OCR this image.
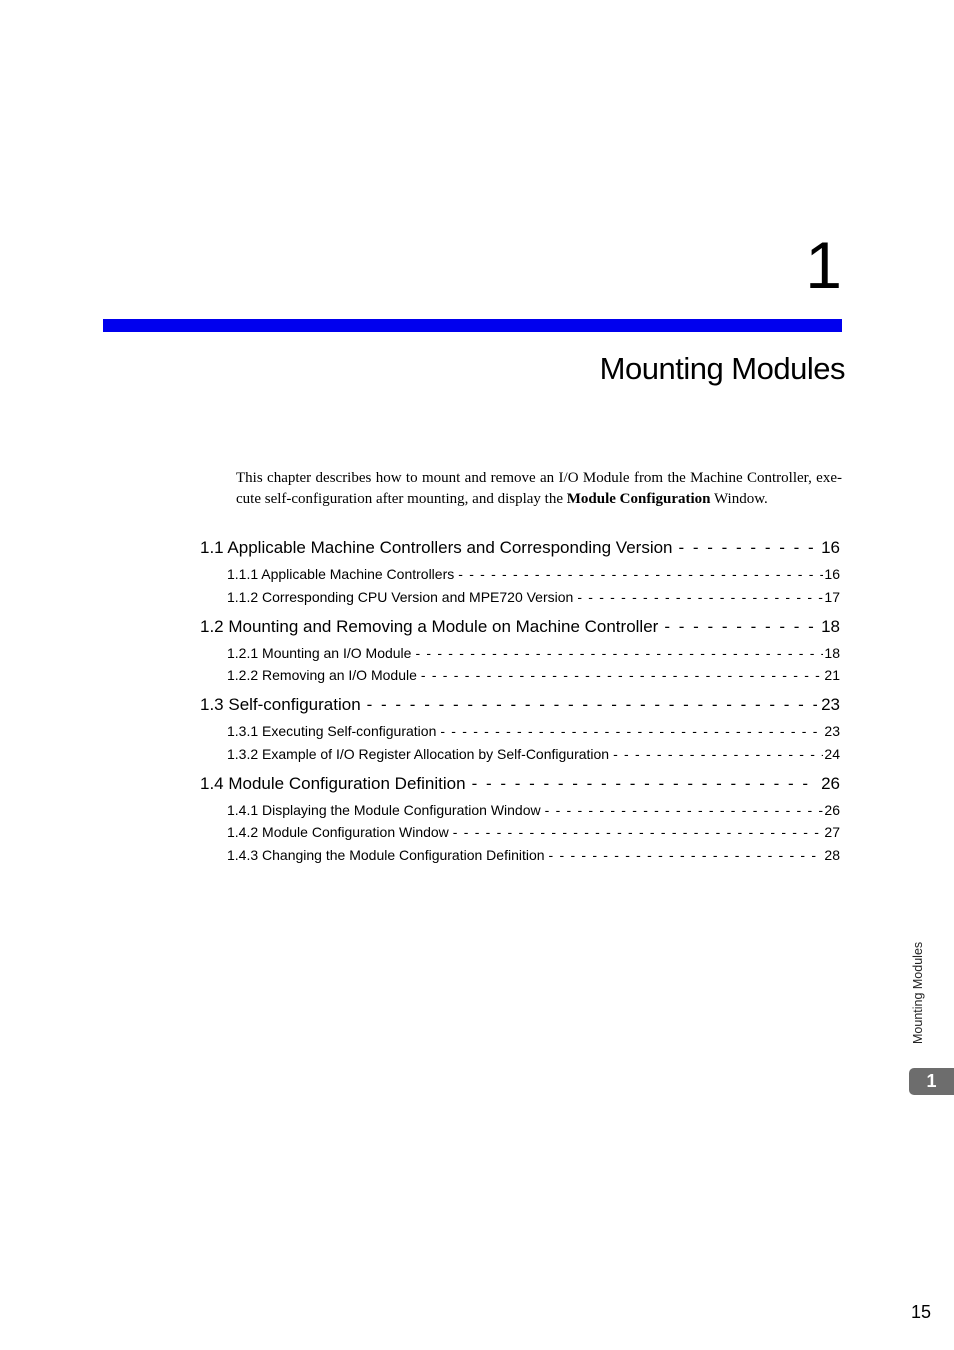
1
Mounting Modules

This chapter describes how to mount and remove an I/O Module from the Machine Controller, exe-cute self-configuration after mounting, and display the Module Configuration Window.

1.1 Applicable Machine Controllers and Corresponding Version - - -	16
1.1.1 Applicable Machine Controllers - - -	16
1.1.2 Corresponding CPU Version and MPE720 Version - - -	17
1.2 Mounting and Removing a Module on Machine Controller - - -	18
1.2.1 Mounting an I/O Module - - -	18
1.2.2 Removing an I/O Module - - -	21
1.3 Self-configuration - - -	23
1.3.1 Executing Self-configuration - - -	23
1.3.2 Example of I/O Register Allocation by Self-Configuration - - -	24
1.4 Module Configuration Definition - - -	26
1.4.1 Displaying the Module Configuration Window - - -	26
1.4.2 Module Configuration Window - - -	27
1.4.3 Changing the Module Configuration Definition - - -	28
Mounting Modules
1
15
